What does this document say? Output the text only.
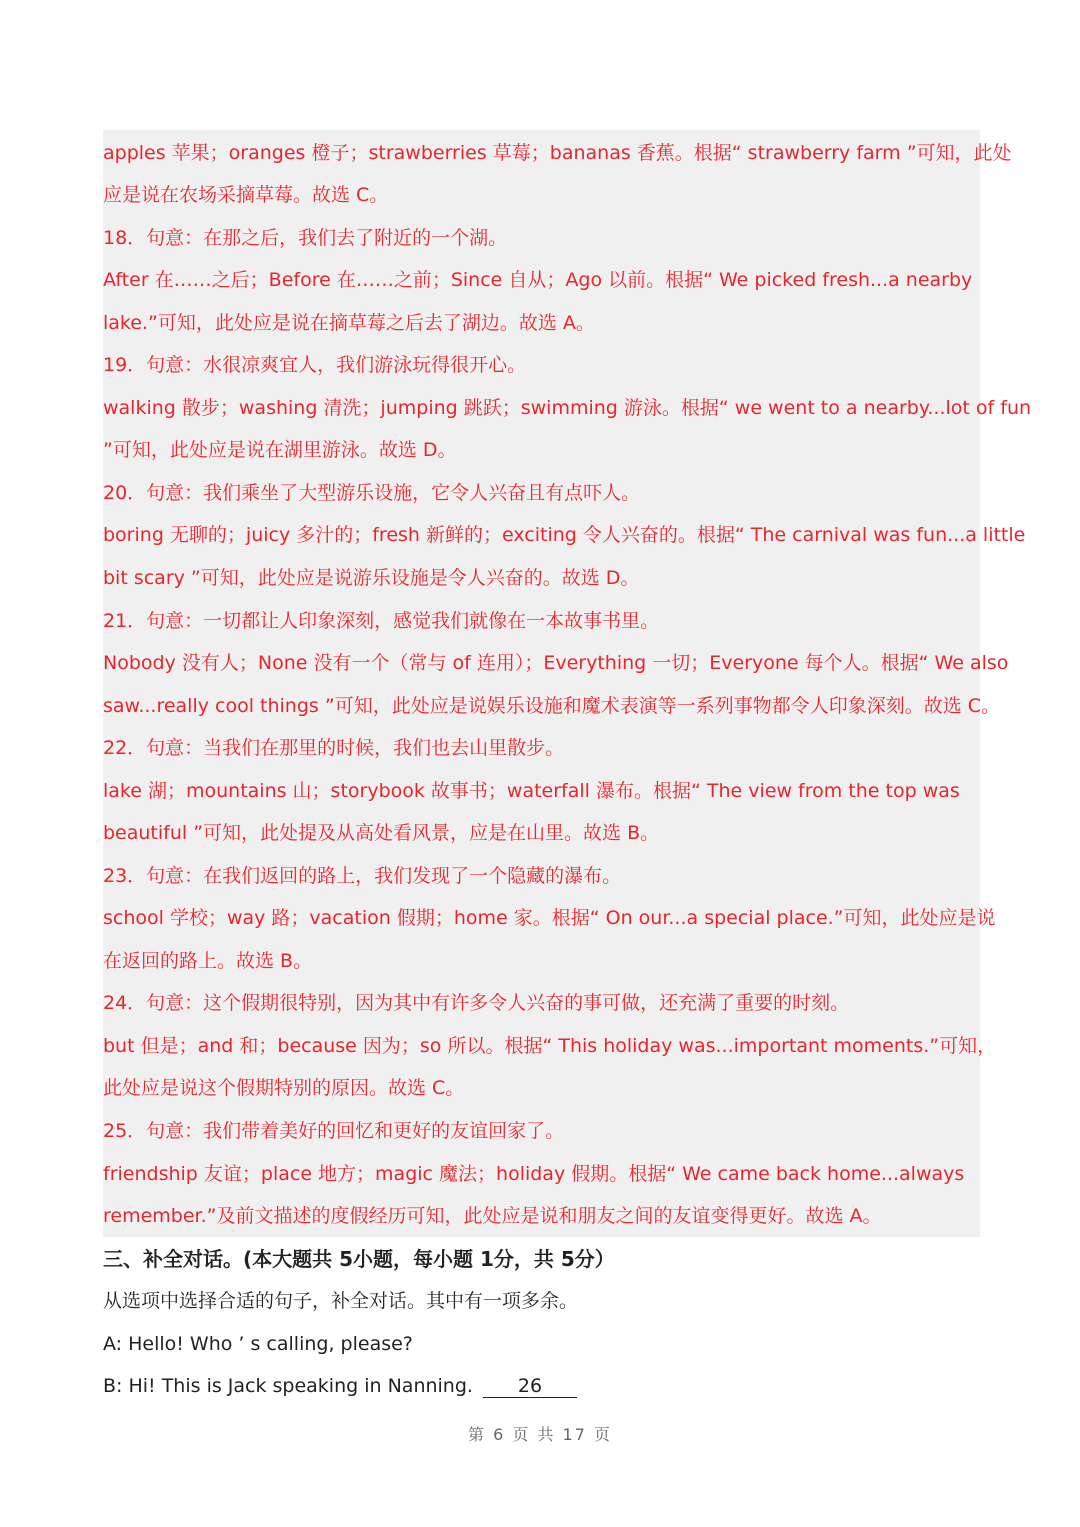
apples 苹果；oranges 橙子；strawberries 草莓；bananas 香蕉。根据“ strawberry farm ”可知，此处
应是说在农场采摘草莓。故选 C。
18．句意：在那之后，我们去了附近的一个湖。
After 在……之后；Before 在……之前；Since 自从；Ago 以前。根据“ We picked fresh...a nearby
lake.”可知，此处应是说在摘草莓之后去了湖边。故选 A。
19．句意：水很凉爽宜人，我们游泳玩得很开心。
walking 散步；washing 清洗；jumping 跳跃；swimming 游泳。根据“ we went to a nearby...lot of fun
”可知，此处应是说在湖里游泳。故选 D。
20．句意：我们乘坐了大型游乐设施，它令人兴奋且有点吓人。
boring 无聊的；juicy 多汁的；fresh 新鲜的；exciting 令人兴奋的。根据“ The carnival was fun...a little
bit scary ”可知，此处应是说游乐设施是令人兴奋的。故选 D。
21．句意：一切都让人印象深刻，感觉我们就像在一本故事书里。
Nobody 没有人；None 没有一个（常与 of 连用）；Everything 一切；Everyone 每个人。根据“ We also
saw...really cool things ”可知，此处应是说娱乐设施和魔术表演等一系列事物都令人印象深刻。故选 C。
22．句意：当我们在那里的时候，我们也去山里散步。
lake 湖；mountains 山；storybook 故事书；waterfall 瀑布。根据“ The view from the top was
beautiful ”可知，此处提及从高处看风景，应是在山里。故选 B。
23．句意：在我们返回的路上，我们发现了一个隐藏的瀑布。
school 学校；way 路；vacation 假期；home 家。根据“ On our...a special place.”可知，此处应是说
在返回的路上。故选 B。
24．句意：这个假期很特别，因为其中有许多令人兴奋的事可做，还充满了重要的时刻。
but 但是；and 和；because 因为；so 所以。根据“ This holiday was...important moments.”可知，
此处应是说这个假期特别的原因。故选 C。
25．句意：我们带着美好的回忆和更好的友谊回家了。
friendship 友谊；place 地方；magic 魔法；holiday 假期。根据“ We came back home...always
remember.”及前文描述的度假经历可知，此处应是说和朋友之间的友谊变得更好。故选 A。
三、补全对话。(本大题共 5小题，每小题 1分，共 5分）
从选项中选择合适的句子，补全对话。其中有一项多余。
A: Hello! Who ’ s calling, please?
B: Hi! This is Jack speaking in Nanning. 26
第 6 页 共 17 页
